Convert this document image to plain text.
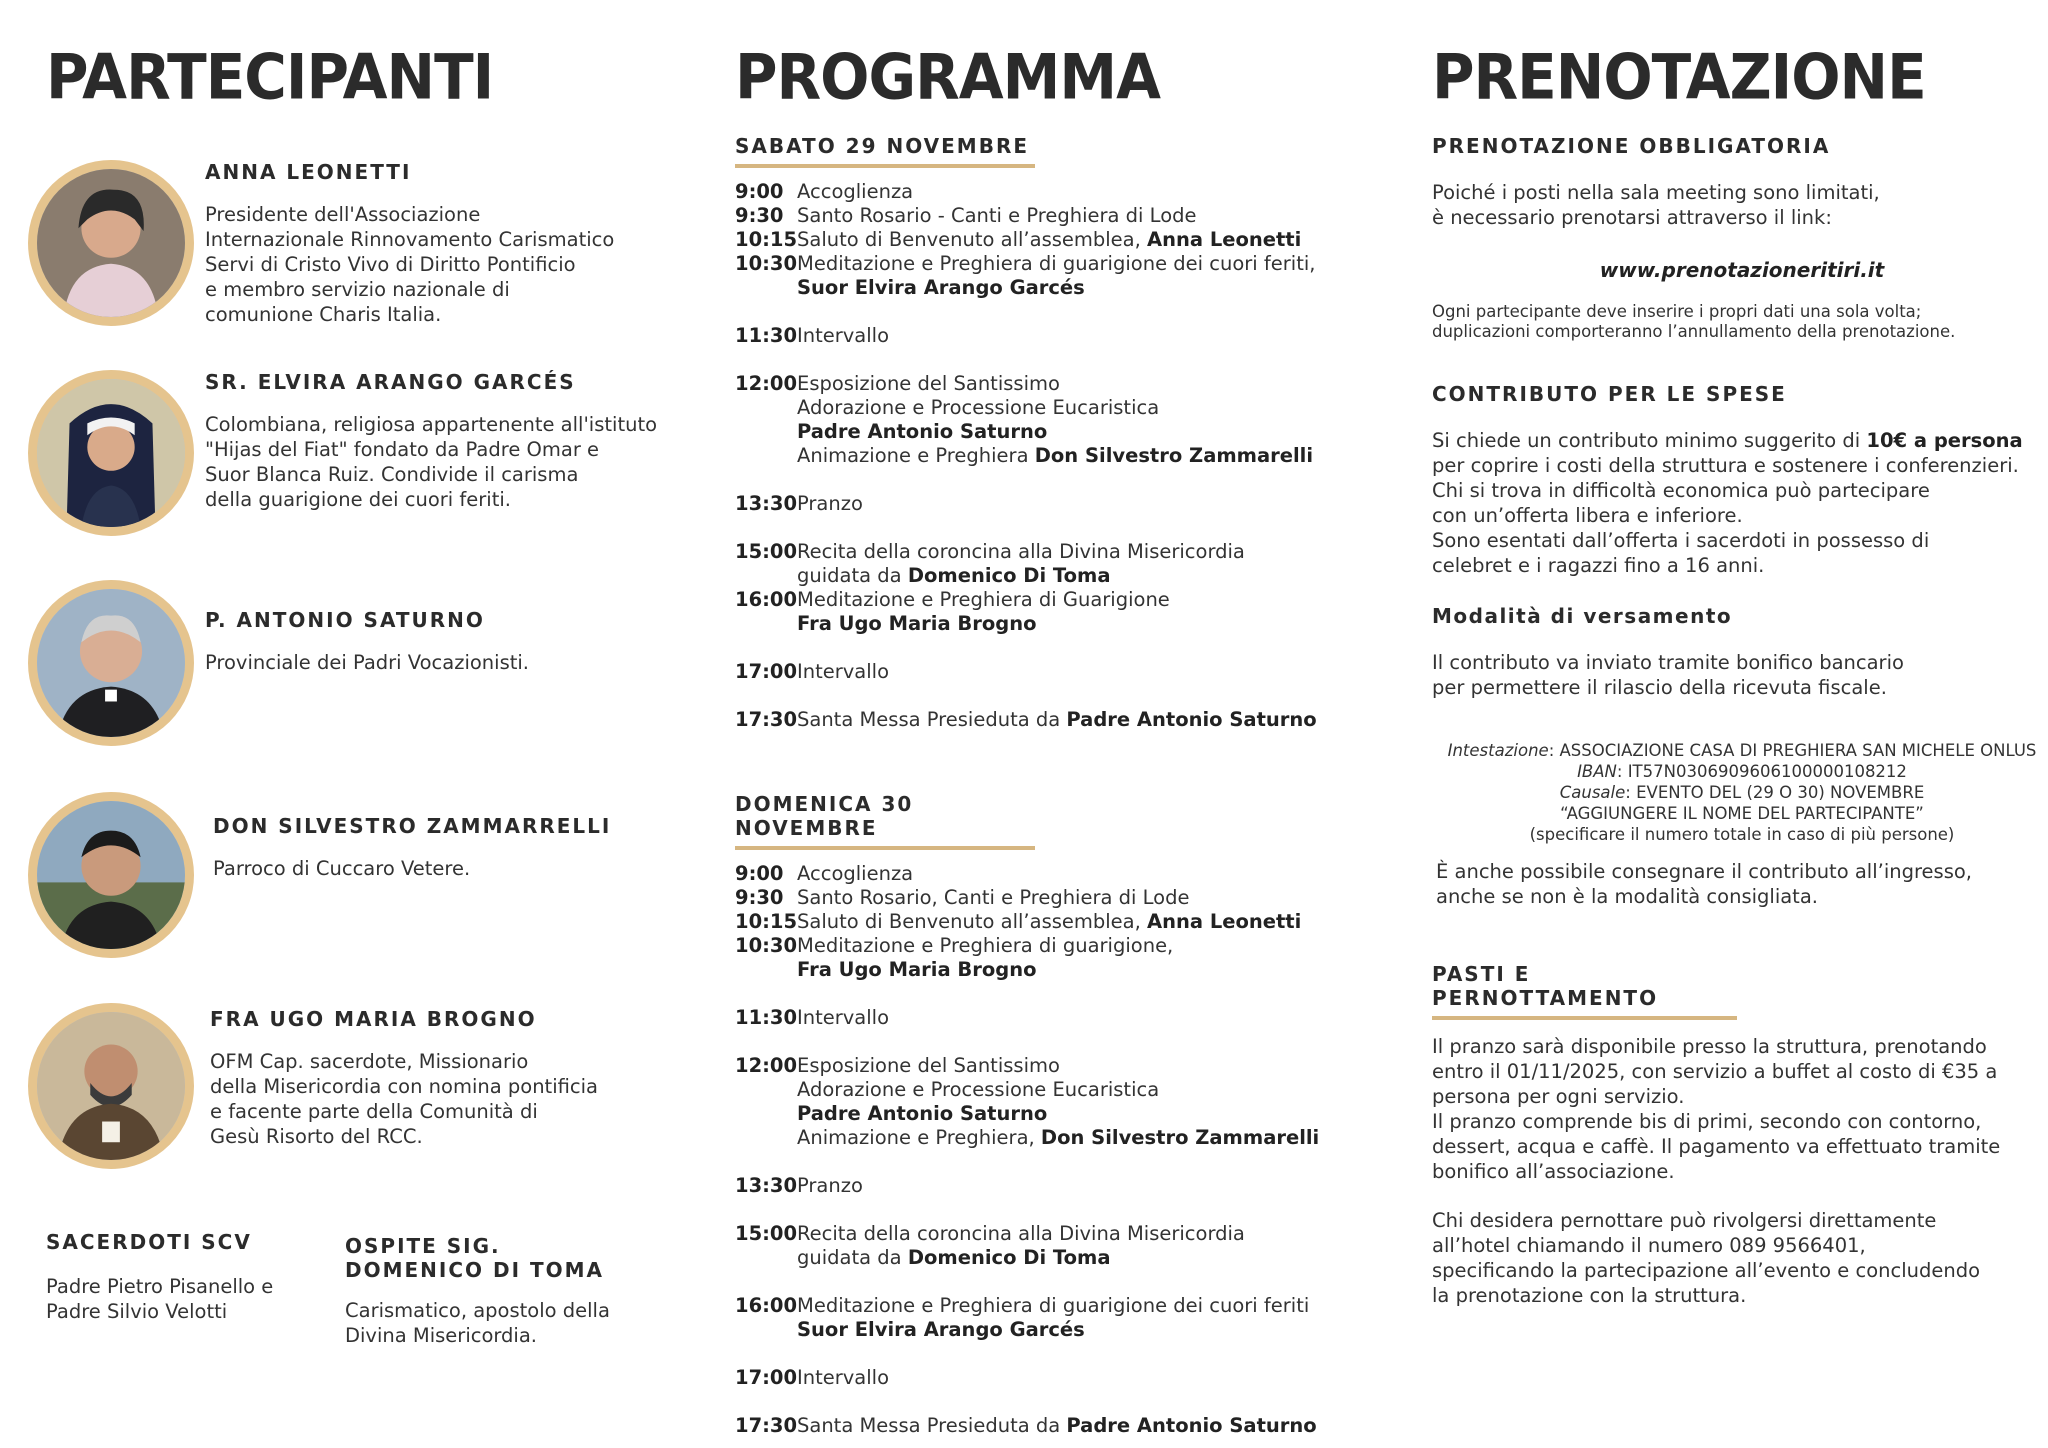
PARTECIPANTI
ANNA LEONETTI
Presidente dell'Associazione
Internazionale Rinnovamento Carismatico
Servi di Cristo Vivo di Diritto Pontificio
e membro servizio nazionale di
comunione Charis Italia.
SR. ELVIRA ARANGO GARCÉS
Colombiana, religiosa appartenente all'istituto
"Hijas del Fiat" fondato da Padre Omar e
Suor Blanca Ruiz. Condivide il carisma
della guarigione dei cuori feriti.
P. ANTONIO SATURNO
Provinciale dei Padri Vocazionisti.
DON SILVESTRO ZAMMARRELLI
Parroco di Cuccaro Vetere.
FRA UGO MARIA BROGNO
OFM Cap. sacerdote, Missionario
della Misericordia con nomina pontificia
e facente parte della Comunità di
Gesù Risorto del RCC.
SACERDOTI SCV
Padre Pietro Pisanello e
Padre Silvio Velotti
OSPITE SIG.
DOMENICO DI TOMA
Carismatico, apostolo della
Divina Misericordia.
PROGRAMMA
SABATO 29 NOVEMBRE
9:00 Accoglienza
9:30 Santo Rosario - Canti e Preghiera di Lode
10:15 Saluto di Benvenuto all’assemblea, Anna Leonetti
10:30 Meditazione e Preghiera di guarigione dei cuori feriti,
Suor Elvira Arango Garcés
11:30 Intervallo
12:00 Esposizione del Santissimo
Adorazione e Processione Eucaristica
Padre Antonio Saturno
Animazione e Preghiera Don Silvestro Zammarelli
13:30 Pranzo
15:00 Recita della coroncina alla Divina Misericordia
guidata da Domenico Di Toma
16:00 Meditazione e Preghiera di Guarigione
Fra Ugo Maria Brogno
17:00 Intervallo
17:30 Santa Messa Presieduta da Padre Antonio Saturno
DOMENICA 30 NOVEMBRE
9:00 Accoglienza
9:30 Santo Rosario, Canti e Preghiera di Lode
10:15 Saluto di Benvenuto all’assemblea, Anna Leonetti
10:30 Meditazione e Preghiera di guarigione,
Fra Ugo Maria Brogno
11:30 Intervallo
12:00 Esposizione del Santissimo
Adorazione e Processione Eucaristica
Padre Antonio Saturno
Animazione e Preghiera, Don Silvestro Zammarelli
13:30 Pranzo
15:00 Recita della coroncina alla Divina Misericordia
guidata da Domenico Di Toma
16:00 Meditazione e Preghiera di guarigione dei cuori feriti
Suor Elvira Arango Garcés
17:00 Intervallo
17:30 Santa Messa Presieduta da Padre Antonio Saturno
PRENOTAZIONE
PRENOTAZIONE OBBLIGATORIA
Poiché i posti nella sala meeting sono limitati,
è necessario prenotarsi attraverso il link:
www.prenotazioneritiri.it
Ogni partecipante deve inserire i propri dati una sola volta;
duplicazioni comporteranno l’annullamento della prenotazione.
CONTRIBUTO PER LE SPESE
Si chiede un contributo minimo suggerito di 10€ a persona
per coprire i costi della struttura e sostenere i conferenzieri.
Chi si trova in difficoltà economica può partecipare
con un’offerta libera e inferiore.
Sono esentati dall’offerta i sacerdoti in possesso di
celebret e i ragazzi fino a 16 anni.
Modalità di versamento
Il contributo va inviato tramite bonifico bancario
per permettere il rilascio della ricevuta fiscale.
Intestazione: ASSOCIAZIONE CASA DI PREGHIERA SAN MICHELE ONLUS
IBAN: IT57N0306909606100000108212
Causale: EVENTO DEL (29 O 30) NOVEMBRE
“AGGIUNGERE IL NOME DEL PARTECIPANTE”
(specificare il numero totale in caso di più persone)
È anche possibile consegnare il contributo all’ingresso,
anche se non è la modalità consigliata.
PASTI E PERNOTTAMENTO
Il pranzo sarà disponibile presso la struttura, prenotando
entro il 01/11/2025, con servizio a buffet al costo di €35 a
persona per ogni servizio.
Il pranzo comprende bis di primi, secondo con contorno,
dessert, acqua e caffè. Il pagamento va effettuato tramite
bonifico all’associazione.
Chi desidera pernottare può rivolgersi direttamente
all’hotel chiamando il numero 089 9566401,
specificando la partecipazione all’evento e concludendo
la prenotazione con la struttura.
